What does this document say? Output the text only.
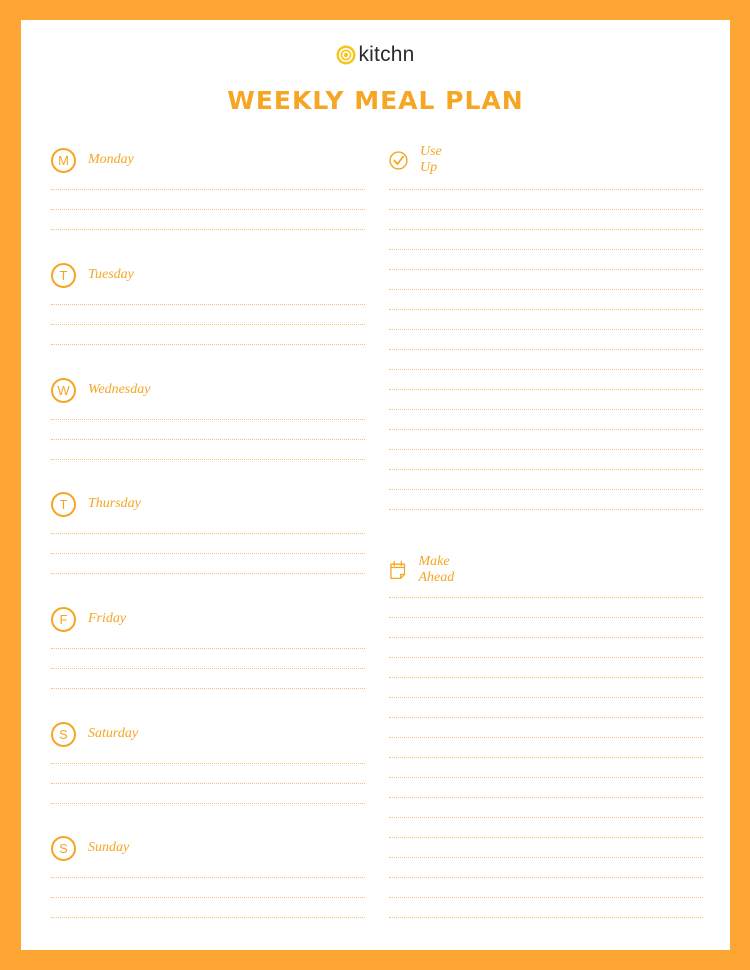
kitchn
WEEKLY MEAL PLAN
M	Monday
T	Tuesday
W	Wednesday
T	Thursday
F	Friday
S	Saturday
S	Sunday
Use Up
Make Ahead
